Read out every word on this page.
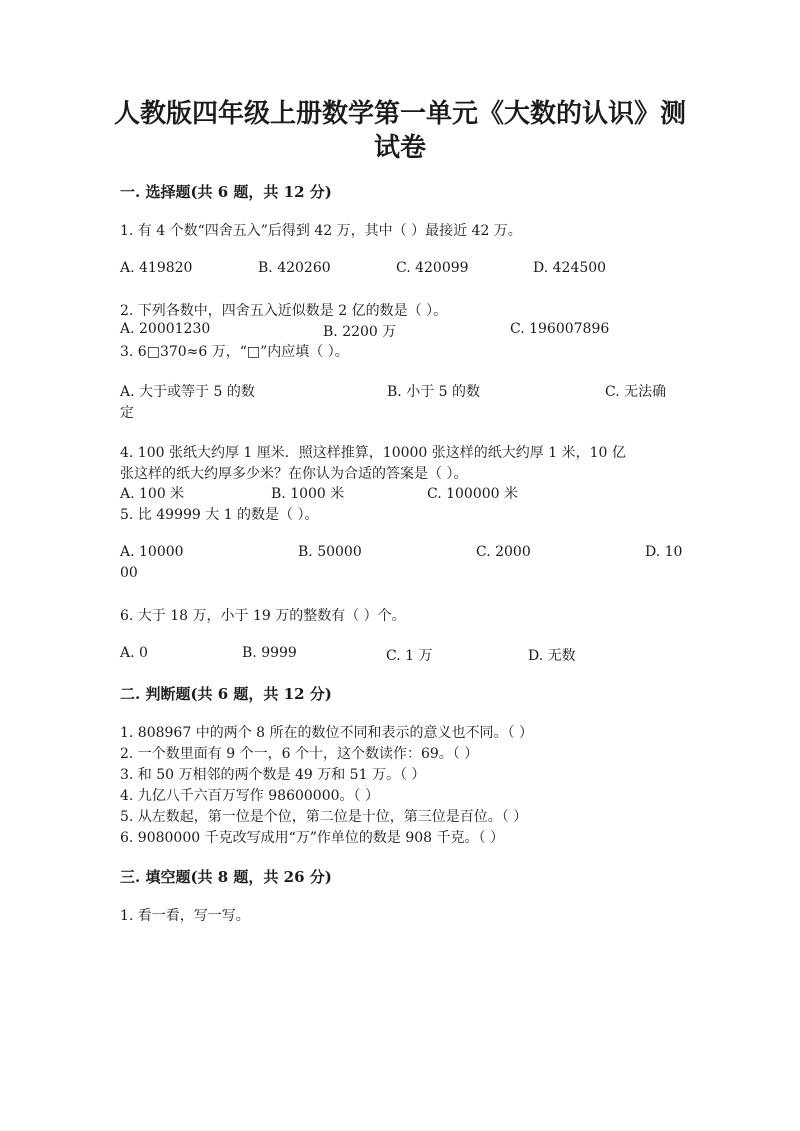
人教版四年级上册数学第一单元《大数的认识》测
试卷
一. 选择题(共 6 题，共 12 分)
1. 有 4 个数“四舍五入”后得到 42 万，其中（ ）最接近 42 万。
A. 419820	B. 420260	C. 420099	D. 424500
2. 下列各数中，四舍五入近似数是 2 亿的数是（ ）。
A. 20001230	B. 2200 万	C. 196007896
3. 6□370≈6 万，“□”内应填（ ）。
A. 大于或等于 5 的数	B. 小于 5 的数	C. 无法确
定
4. 100 张纸大约厚 1 厘米．照这样推算，10000 张这样的纸大约厚 1 米，10 亿
张这样的纸大约厚多少米？在你认为合适的答案是（ ）。
A. 100 米	B. 1000 米	C. 100000 米
5. 比 49999 大 1 的数是（ ）。
A. 10000	B. 50000	C. 2000	D. 10
00
6. 大于 18 万，小于 19 万的整数有（ ）个。
A. 0	B. 9999	C. 1 万	D. 无数
二. 判断题(共 6 题，共 12 分)
1. 808967 中的两个 8 所在的数位不同和表示的意义也不同。（ ）
2. 一个数里面有 9 个一，6 个十，这个数读作：69。（ ）
3. 和 50 万相邻的两个数是 49 万和 51 万。（ ）
4. 九亿八千六百万写作 98600000。（ ）
5. 从左数起，第一位是个位，第二位是十位，第三位是百位。（ ）
6. 9080000 千克改写成用“万”作单位的数是 908 千克。（ ）
三. 填空题(共 8 题，共 26 分)
1. 看一看，写一写。
